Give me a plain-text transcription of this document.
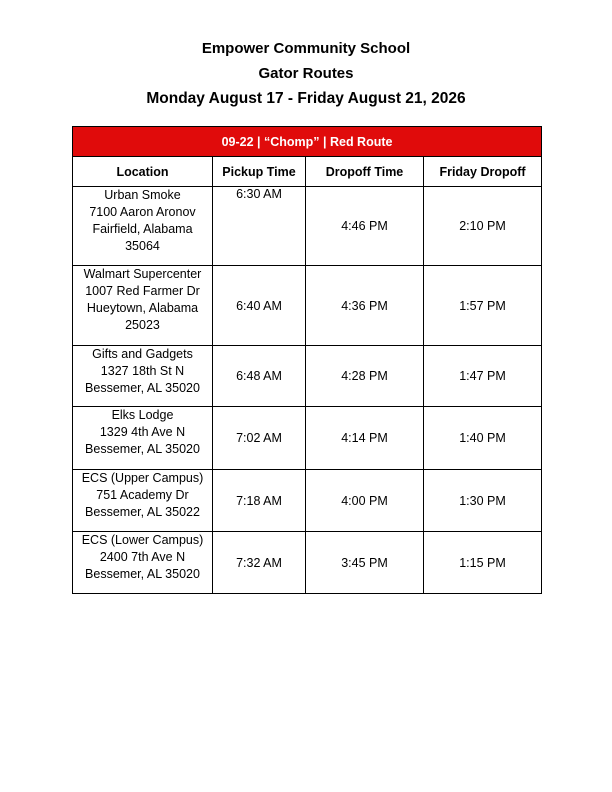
Empower Community School
Gator Routes
Monday August 17 - Friday August 21, 2026
09-22 | “Chomp” | Red Route			
Location	Pickup Time	Dropoff Time	Friday Dropoff

Urban Smoke
7100 Aaron Aronov
Fairfield, Alabama
35064	6:30 AM	4:46 PM	2:10 PM

Walmart Supercenter
1007 Red Farmer Dr
Hueytown, Alabama
25023	6:40 AM	4:36 PM	1:57 PM

Gifts and Gadgets
1327 18th St N
Bessemer, AL 35020	6:48 AM	4:28 PM	1:47 PM

Elks Lodge
1329 4th Ave N
Bessemer, AL 35020	7:02 AM	4:14 PM	1:40 PM

ECS (Upper Campus)
751 Academy Dr
Bessemer, AL 35022	7:18 AM	4:00 PM	1:30 PM

ECS (Lower Campus)
2400 7th Ave N
Bessemer, AL 35020	7:32 AM	3:45 PM	1:15 PM
